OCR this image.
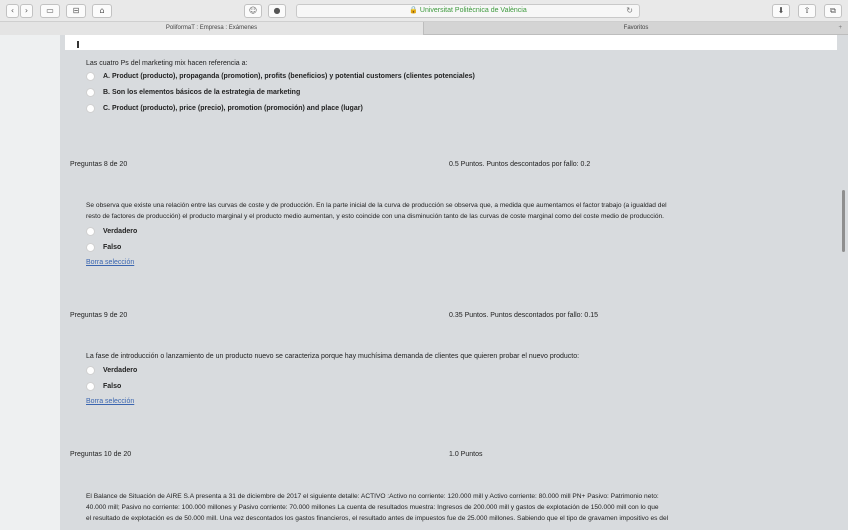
‹	›	▭	⊟	⌂	☺	●	🔒 Universitat Politècnica de València	↻	⬇	⇧	⧉
PoliformaT : Empresa : Exámenes	Favoritos	+
Las cuatro Ps del marketing mix hacen referencia a:
A. Product (producto), propaganda (promotion), profits (beneficios) y potential customers (clientes potenciales)
B. Son los elementos básicos de la estrategia de marketing
C. Product (producto), price (precio), promotion (promoción) and place (lugar)
Preguntas 8 de 20	0.5 Puntos. Puntos descontados por fallo: 0.2
Se observa que existe una relación entre las curvas de coste y de producción. En la parte inicial de la curva de producción se observa que, a medida que aumentamos el factor trabajo (a igualdad del
resto de factores de producción) el producto marginal y el producto medio aumentan, y esto coincide con una disminución tanto de las curvas de coste marginal como del coste medio de producción.
Verdadero
Falso
Borra selección
Preguntas 9 de 20	0.35 Puntos. Puntos descontados por fallo: 0.15
La fase de introducción o lanzamiento de un producto nuevo se caracteriza porque hay muchísima demanda de clientes que quieren probar el nuevo producto:
Verdadero
Falso
Borra selección
Preguntas 10 de 20	1.0 Puntos
El Balance de Situación de AIRE S.A presenta a 31 de diciembre de 2017 el siguiente detalle: ACTIVO :Activo no corriente: 120.000 mill y Activo corriente: 80.000 mill PN+ Pasivo: Patrimonio neto:
40.000 mill; Pasivo no corriente: 100.000 millones y Pasivo corriente: 70.000 millones La cuenta de resultados muestra: Ingresos de 200.000 mill y gastos de explotación de 150.000 mill con lo que
el resultado de explotación es de 50.000 mill. Una vez descontados los gastos financieros, el resultado antes de impuestos fue de 25.000 millones. Sabiendo que el tipo de gravamen impositivo es del
